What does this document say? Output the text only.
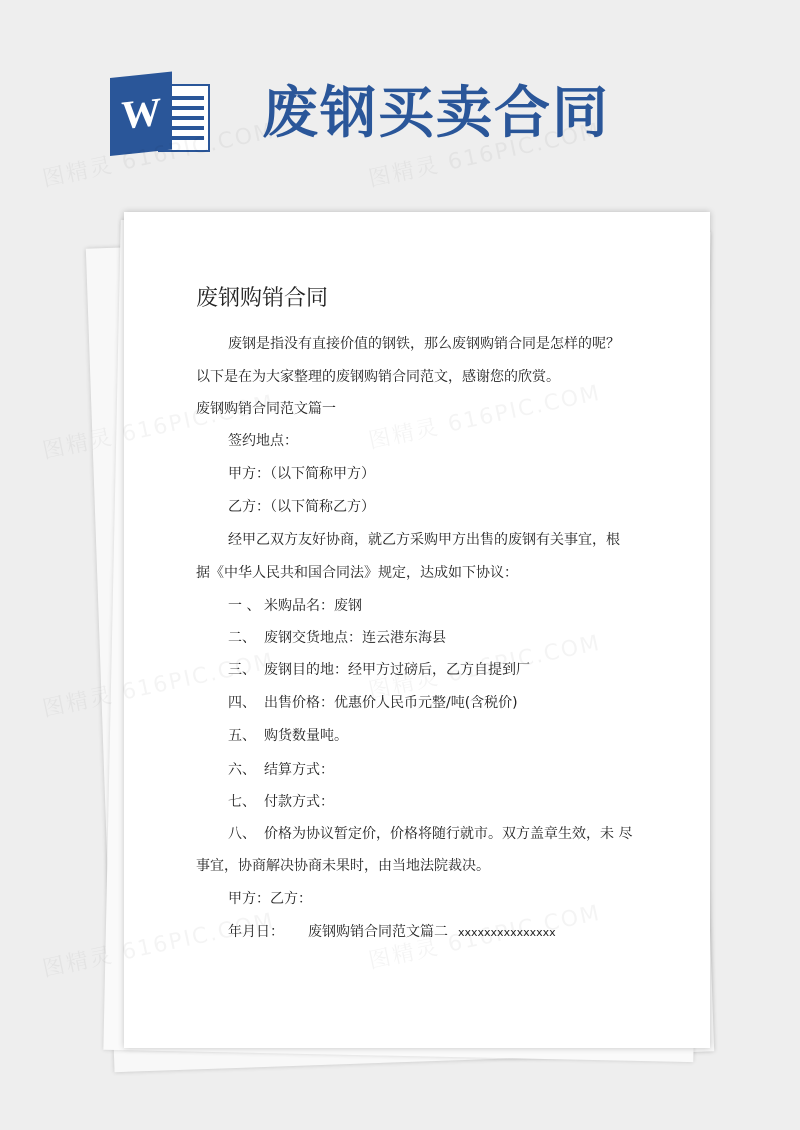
W 废钢买卖合同
废钢购销合同
废钢是指没有直接价值的钢铁，那么废钢购销合同是怎样的呢？
以下是在为大家整理的废钢购销合同范文，感谢您的欣赏。
废钢购销合同范文篇一
签约地点：
甲方：（以下简称甲方）
乙方：（以下简称乙方）
经甲乙双方友好协商，就乙方采购甲方出售的废钢有关事宜，根
据《中华人民共和国合同法》规定，达成如下协议：
一 、 米购品名：废钢
二、 废钢交货地点：连云港东海县
三、 废钢目的地：经甲方过磅后，乙方自提到厂
四、 出售价格：优惠价人民币元整/吨(含税价)
五、 购货数量吨。
六、 结算方式：
七、 付款方式：
八、 价格为协议暂定价，价格将随行就市。双方盖章生效，未 尽
事宜，协商解决协商未果时，由当地法院裁决。
甲方：乙方：
年月日： 废钢购销合同范文篇二 xxxxxxxxxxxxxxx
